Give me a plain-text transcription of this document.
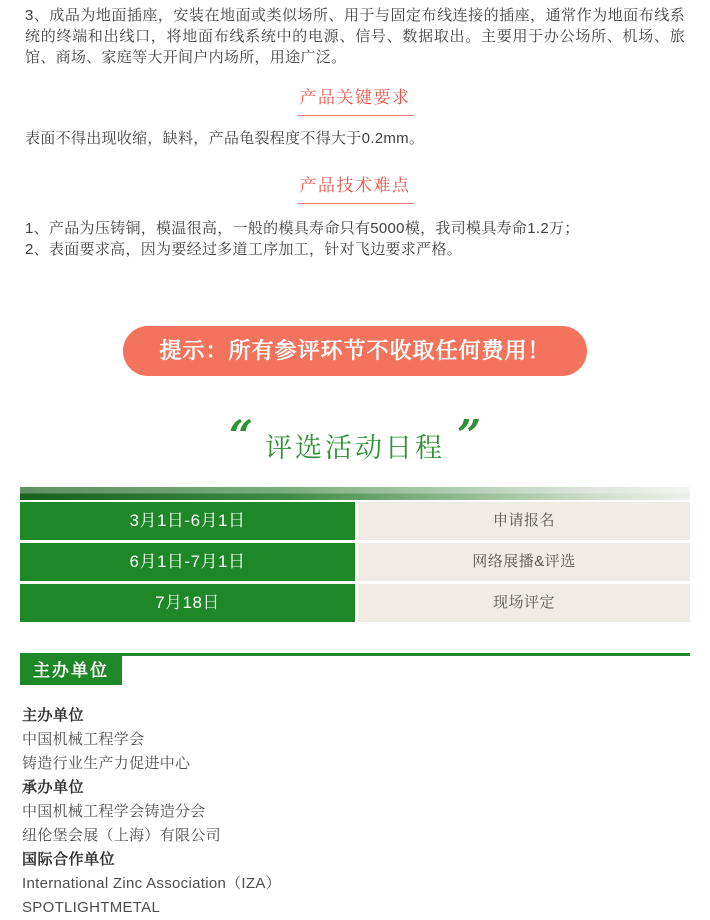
3、成品为地面插座，安装在地面或类似场所、用于与固定布线连接的插座，通常作为地面布线系统的终端和出线口，将地面布线系统中的电源、信号、数据取出。主要用于办公场所、机场、旅馆、商场、家庭等大开间户内场所，用途广泛。

产品关键要求

表面不得出现收缩，缺料，产品龟裂程度不得大于0.2mm。

产品技术难点

1、产品为压铸铜，模温很高，一般的模具寿命只有5000模，我司模具寿命1.2万；

2、表面要求高，因为要经过多道工序加工，针对飞边要求严格。

提示：所有参评环节不收取任何费用！
“ 评选活动日程 ”
3月1日-6月1日	申请报名
6月1日-7月1日	网络展播&评选
7月18日	现场评定
主办单位
主办单位
中国机械工程学会
铸造行业生产力促进中心
承办单位
中国机械工程学会铸造分会
纽伦堡会展（上海）有限公司
国际合作单位
International Zinc Association（IZA）
SPOTLIGHTMETAL
